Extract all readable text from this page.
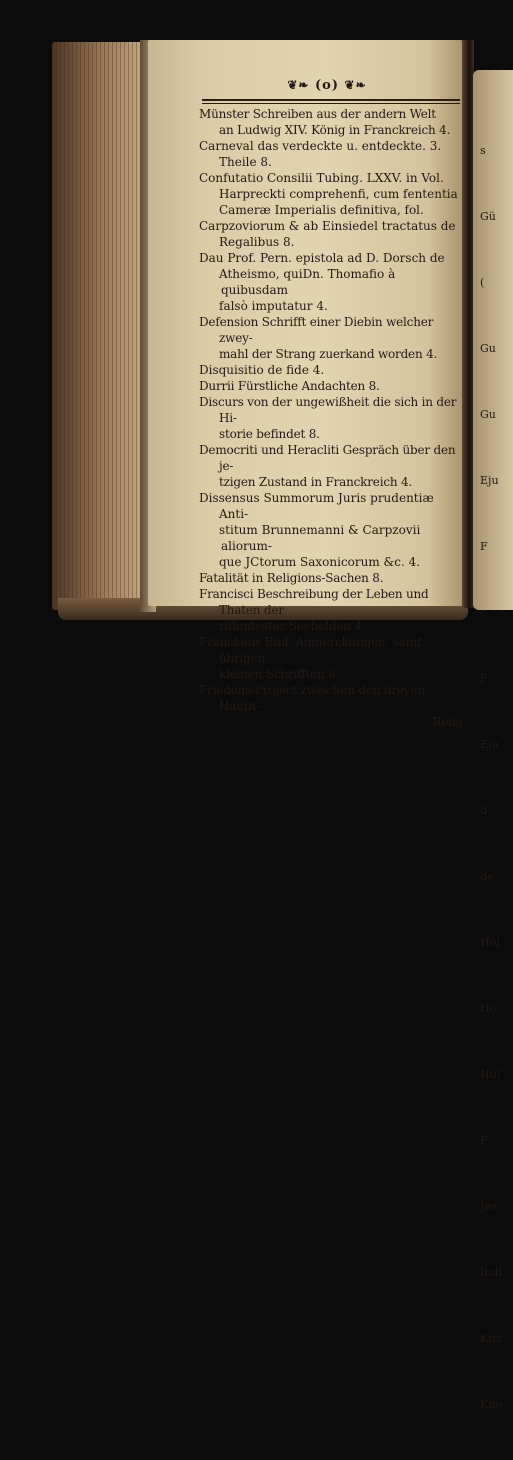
❦❧ (o) ❦❧
Münster Schreiben aus der andern Welt
an Ludwig XIV. König in Franckreich 4.
Carneval das verdeckte u. entdeckte. 3. Theile 8.
Confutatio Consilii Tubing. LXXV. in Vol.
Harpreckti comprehenfi, cum fententia
Cameræ Imperialis definitiva, fol.
Carpzoviorum & ab Einsiedel tractatus de
Regalibus 8.
Dau Prof. Pern. epistola ad D. Dorsch de
Atheismo, quiDn. Thomafio à quibusdam
falsò imputatur 4.
Defension Schrifft einer Diebin welcher zwey-
mahl der Strang zuerkand worden 4.
Disquisitio de fide 4.
Durrii Fürstliche Andachten 8.
Discurs von der ungewißheit die sich in der Hi-
storie befindet 8.
Democriti und Heracliti Gespräch über den je-
tzigen Zustand in Franckreich 4.
Dissensus Summorum Juris prudentiæ Anti-
stitum Brunnemanni & Carpzovii aliorum-
que JCtorum Saxonicorum &c. 4.
Fatalität in Religions-Sachen 8.
Francisci Beschreibung der Leben und Thaten der
rühmtester Seehelden 4.
Franckens Bibl. Anmerckungen, samt übrigen
kleinen Schrifften 8.
Friedens-Project zwischen den dreyen Haupt-
Relig

s

Gü

(

Gu

Gu

Eju

F

c

F

Eju

d

de

Hol

Ho

Hul

F

Jea

Indi

Kirc

Kno
